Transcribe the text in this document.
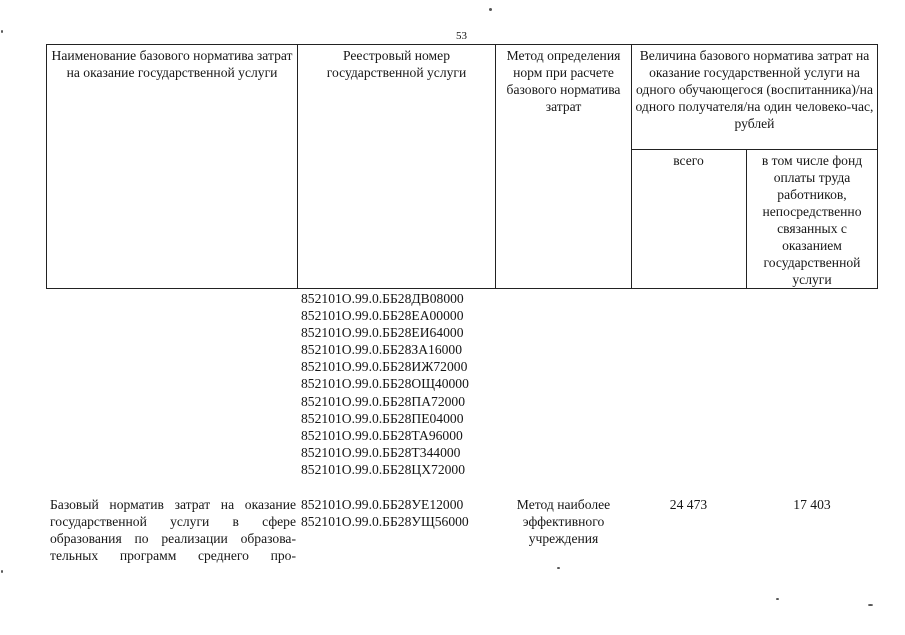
53
Наименование базового норматива затрат на оказание государственной услуги
Реестровый номер государственной услуги
Метод определения норм при расчете базового норматива затрат
Величина базового норматива затрат на оказание государственной услуги на одного обучающегося (воспитанника)/на одного получателя/на один человеко-час, рублей
всего	в том числе фонд оплаты труда работников, непосредственно связанных с оказанием государственной услуги
852101О.99.0.ББ28ДВ08000
852101О.99.0.ББ28ЕА00000
852101О.99.0.ББ28ЕИ64000
852101О.99.0.ББ28ЗА16000
852101О.99.0.ББ28ИЖ72000
852101О.99.0.ББ28ОЩ40000
852101О.99.0.ББ28ПА72000
852101О.99.0.ББ28ПЕ04000
852101О.99.0.ББ28ТА96000
852101О.99.0.ББ28Т344000
852101О.99.0.ББ28ЦХ72000
Базовый норматив затрат на оказание
государственной услуги в сфере
образования по реализации образова-
тельных программ среднего про-
852101О.99.0.ББ28УЕ12000
852101О.99.0.ББ28УЩ56000
Метод наиболее эффективного учреждения
24 473	17 403
